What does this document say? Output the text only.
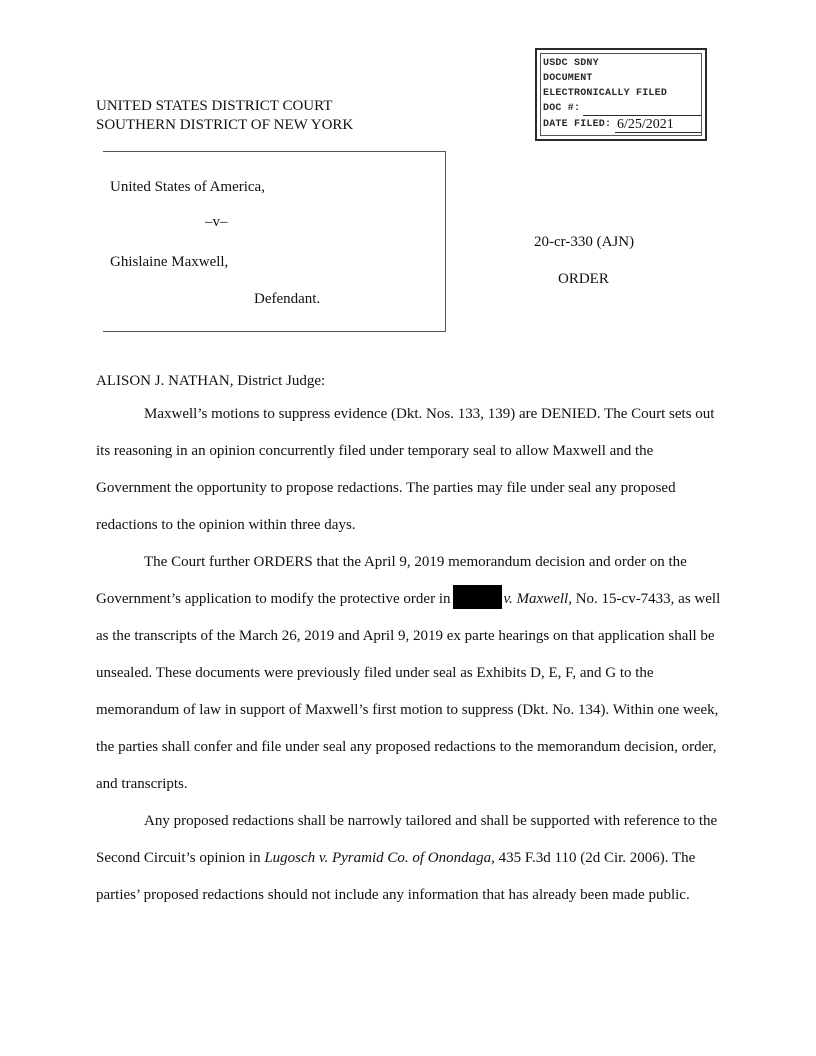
USDC SDNY
DOCUMENT
ELECTRONICALLY FILED
DOC #:
DATE FILED: 6/25/2021
UNITED STATES DISTRICT COURT
SOUTHERN DISTRICT OF NEW YORK
United States of America,
–v–
Ghislaine Maxwell,
Defendant.
20-cr-330 (AJN)
ORDER
ALISON J. NATHAN, District Judge:

Maxwell’s motions to suppress evidence (Dkt. Nos. 133, 139) are DENIED. The Court sets out its reasoning in an opinion concurrently filed under temporary seal to allow Maxwell and the Government the opportunity to propose redactions. The parties may file under seal any proposed redactions to the opinion within three days.

The Court further ORDERS that the April 9, 2019 memorandum decision and order on the Government’s application to modify the protective order in	v. Maxwell, No. 15-cv-7433, as well as the transcripts of the March 26, 2019 and April 9, 2019 ex parte hearings on that application shall be unsealed. These documents were previously filed under seal as Exhibits D, E, F, and G to the memorandum of law in support of Maxwell’s first motion to suppress (Dkt. No. 134). Within one week, the parties shall confer and file under seal any proposed redactions to the memorandum decision, order, and transcripts.

Any proposed redactions shall be narrowly tailored and shall be supported with reference to the Second Circuit’s opinion in Lugosch v. Pyramid Co. of Onondaga, 435 F.3d 110 (2d Cir. 2006). The parties’ proposed redactions should not include any information that has already been made public.
